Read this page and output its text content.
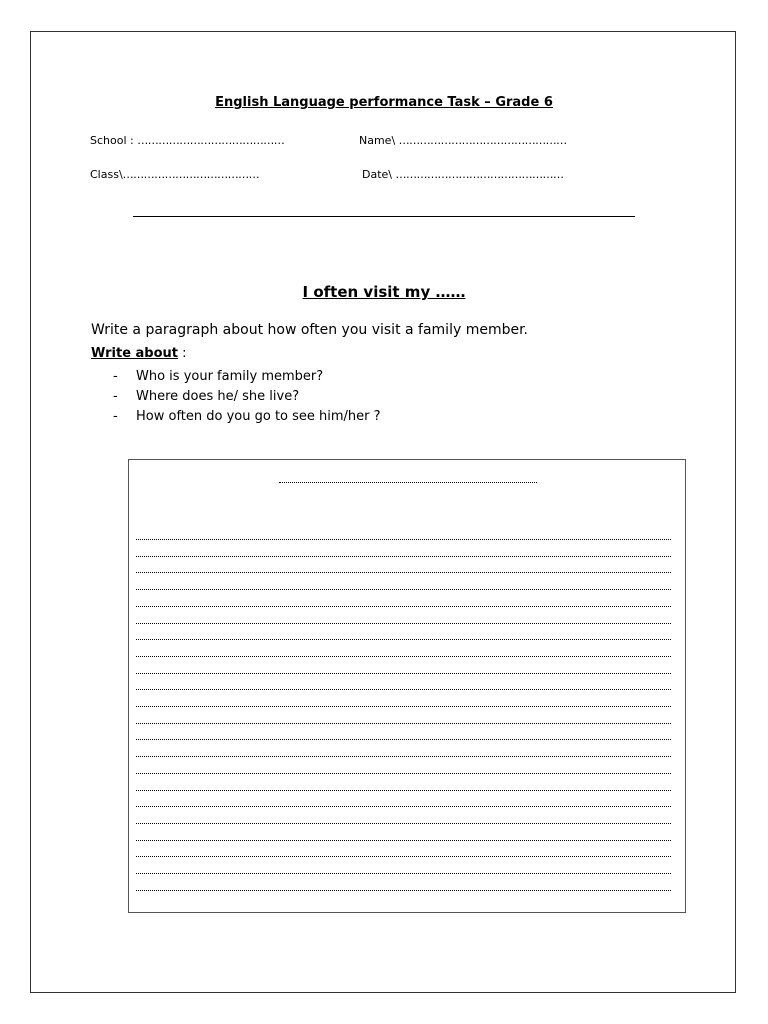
English Language performance Task – Grade 6
School : ……………………………………	Name\ …………………………………………
Class\…………………………………	Date\ …………………………………………
I often visit my ……
Write a paragraph about how often you visit a family member.
Write about :
- Who is your family member?
- Where does he/ she live?
- How often do you go to see him/her ?
